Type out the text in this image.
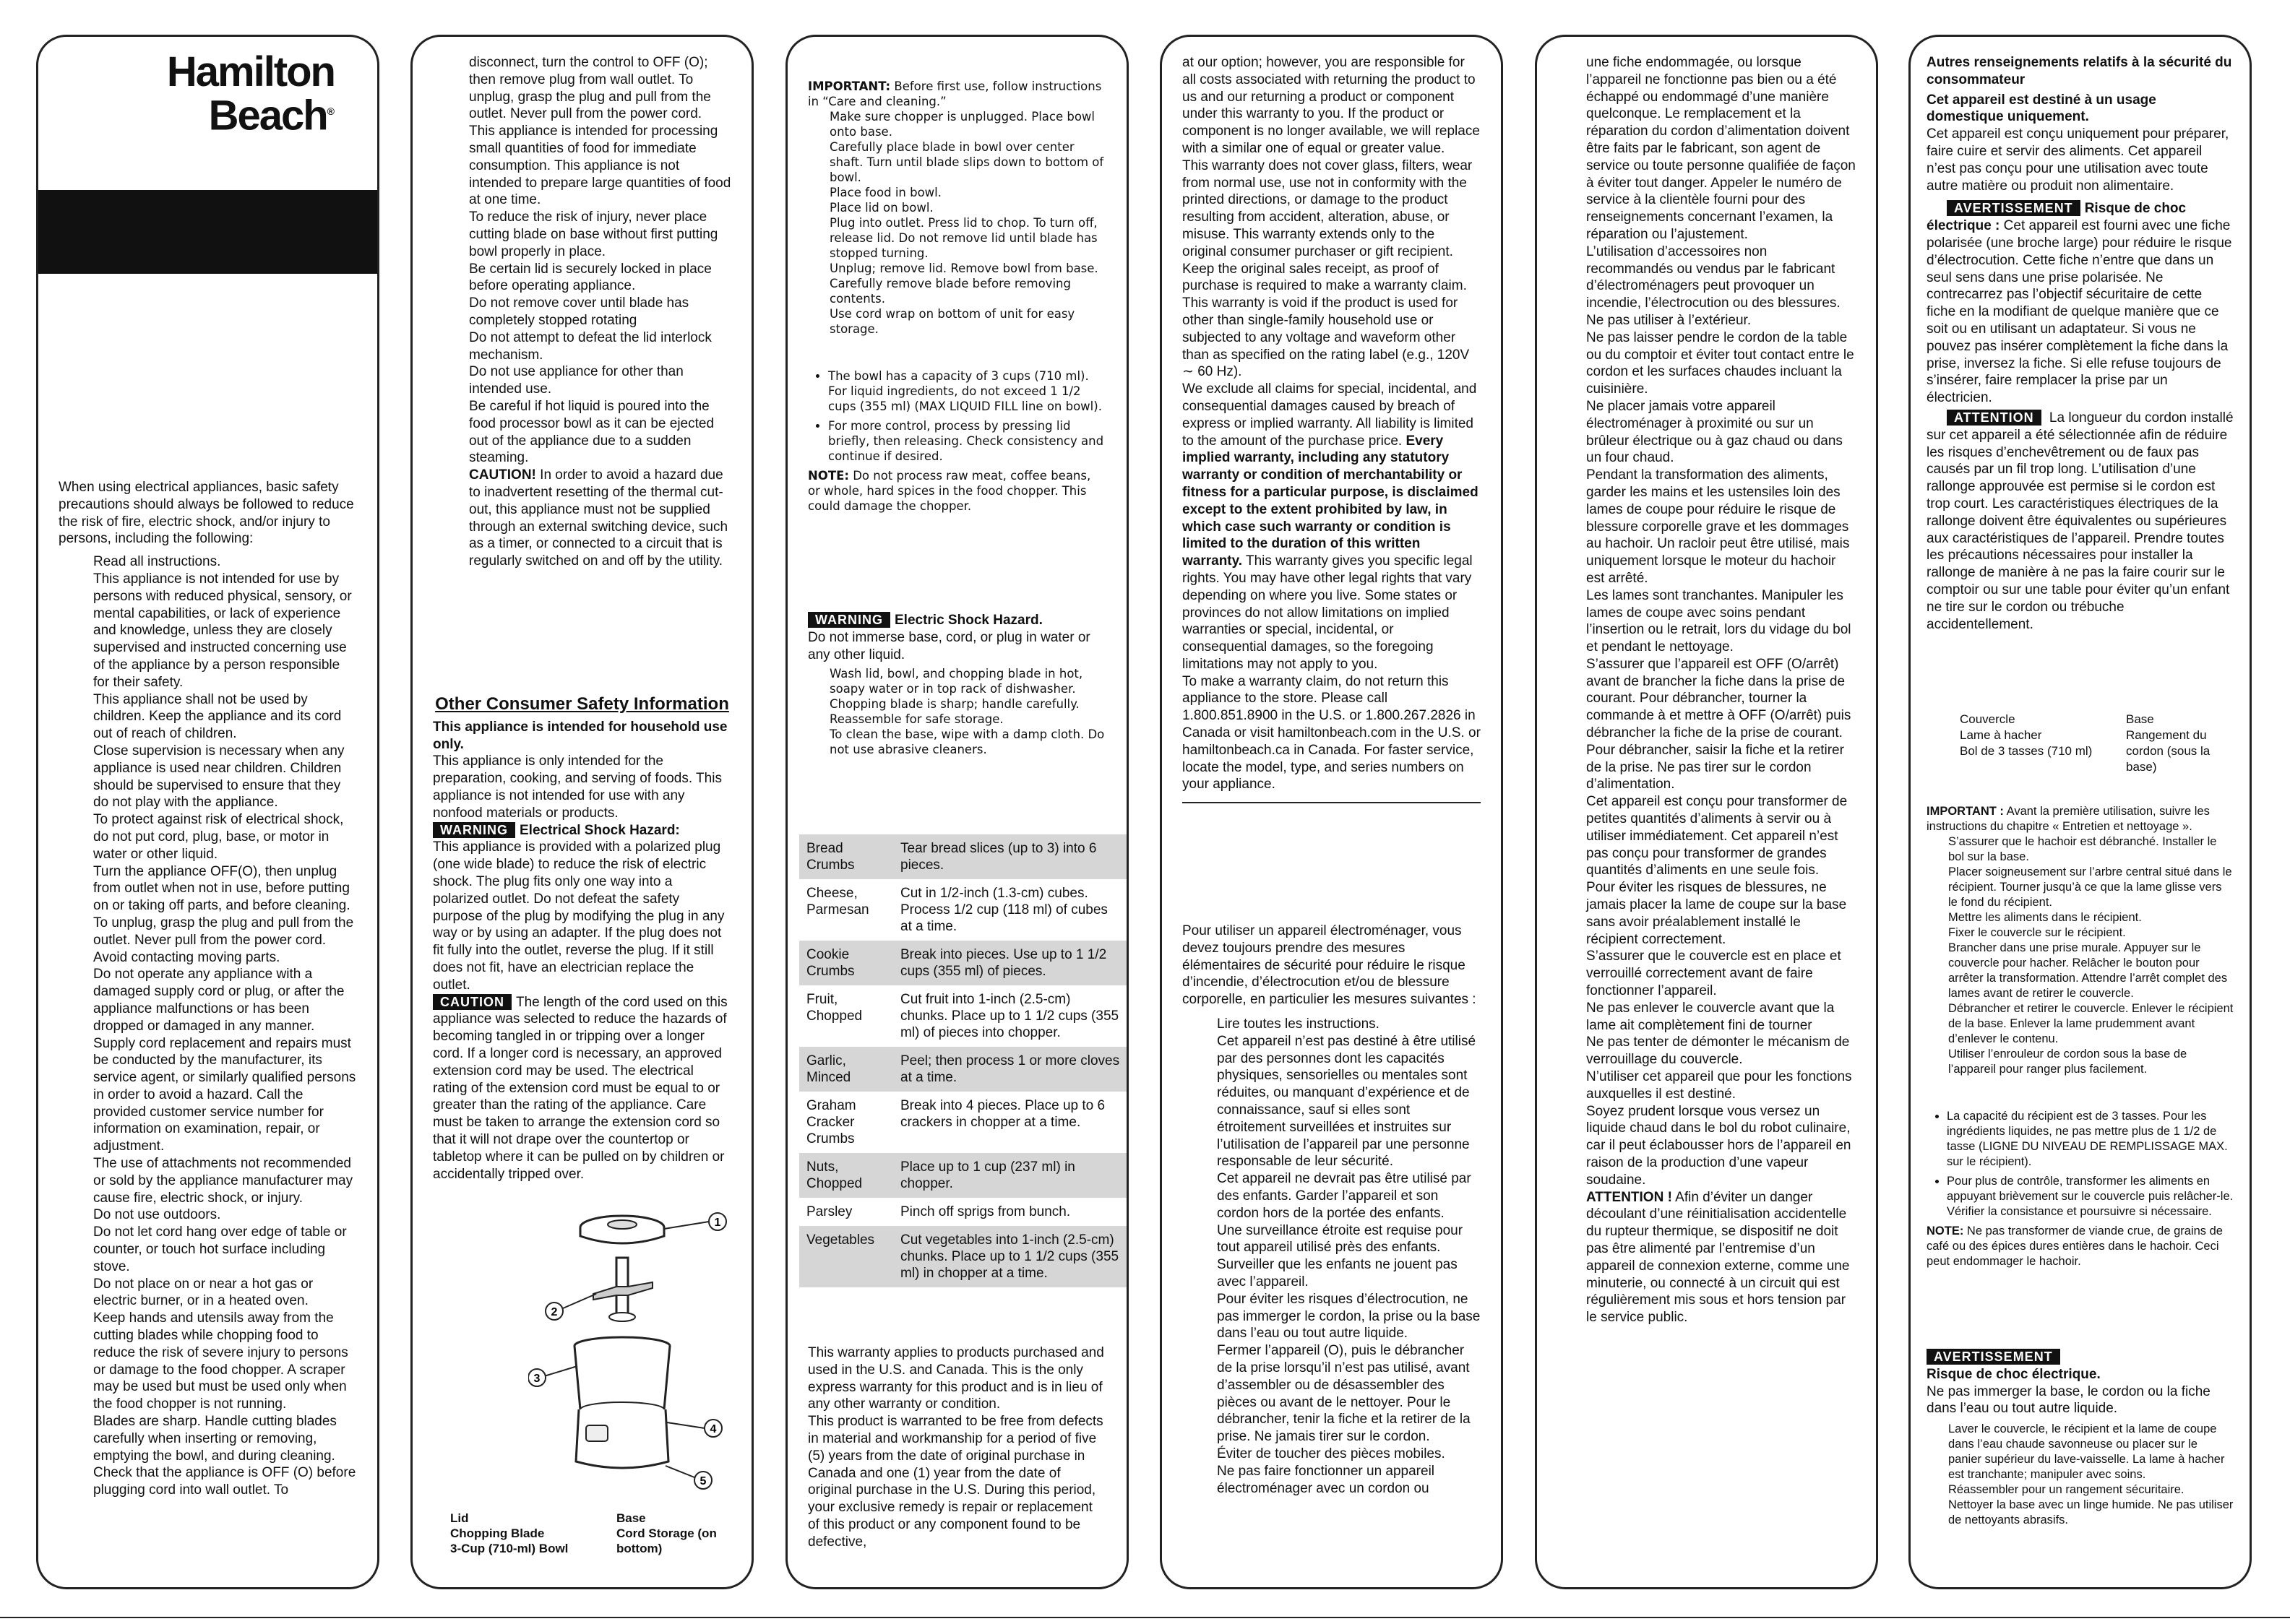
Hamilton
Beach®

When using electrical appliances, basic safety precautions should always be followed to reduce the risk of fire, electric shock, and/or injury to persons, including the following:

Read all instructions.

This appliance is not intended for use by persons with reduced physical, sensory, or mental capabilities, or lack of experience and knowledge, unless they are closely supervised and instructed concerning use of the appliance by a person responsible for their safety.

This appliance shall not be used by children. Keep the appliance and its cord out of reach of children.

Close supervision is necessary when any appliance is used near children. Children should be supervised to ensure that they do not play with the appliance.

To protect against risk of electrical shock, do not put cord, plug, base, or motor in water or other liquid.

Turn the appliance OFF(O), then unplug from outlet when not in use, before putting on or taking off parts, and before cleaning. To unplug, grasp the plug and pull from the outlet. Never pull from the power cord.

Avoid contacting moving parts.

Do not operate any appliance with a damaged supply cord or plug, or after the appliance malfunctions or has been dropped or damaged in any manner. Supply cord replacement and repairs must be conducted by the manufacturer, its service agent, or similarly qualified persons in order to avoid a hazard. Call the provided customer service number for information on examination, repair, or adjustment.

The use of attachments not recommended or sold by the appliance manufacturer may cause fire, electric shock, or injury.

Do not use outdoors.

Do not let cord hang over edge of table or counter, or touch hot surface including stove.

Do not place on or near a hot gas or electric burner, or in a heated oven.

Keep hands and utensils away from the cutting blades while chopping food to reduce the risk of severe injury to persons or damage to the food chopper. A scraper may be used but must be used only when the food chopper is not running.

Blades are sharp. Handle cutting blades carefully when inserting or removing, emptying the bowl, and during cleaning.

Check that the appliance is OFF (O) before plugging cord into wall outlet. To

disconnect, turn the control to OFF (O); then remove plug from wall outlet. To unplug, grasp the plug and pull from the outlet. Never pull from the power cord.

This appliance is intended for processing small quantities of food for immediate consumption. This appliance is not intended to prepare large quantities of food at one time.

To reduce the risk of injury, never place cutting blade on base without first putting bowl properly in place.

Be certain lid is securely locked in place before operating appliance.

Do not remove cover until blade has completely stopped rotating

Do not attempt to defeat the lid interlock mechanism.

Do not use appliance for other than intended use.

Be careful if hot liquid is poured into the food processor bowl as it can be ejected out of the appliance due to a sudden steaming.

CAUTION! In order to avoid a hazard due to inadvertent resetting of the thermal cut-out, this appliance must not be supplied through an external switching device, such as a timer, or connected to a circuit that is regularly switched on and off by the utility.

Other Consumer Safety Information

This appliance is intended for household use only.

This appliance is only intended for the preparation, cooking, and serving of foods. This appliance is not intended for use with any nonfood materials or products.

WARNING Electrical Shock Hazard:

This appliance is provided with a polarized plug (one wide blade) to reduce the risk of electric shock. The plug fits only one way into a polarized outlet. Do not defeat the safety purpose of the plug by modifying the plug in any way or by using an adapter. If the plug does not fit fully into the outlet, reverse the plug. If it still does not fit, have an electrician replace the outlet.

CAUTION The length of the cord used on this appliance was selected to reduce the hazards of becoming tangled in or tripping over a longer cord. If a longer cord is necessary, an approved extension cord may be used. The electrical rating of the extension cord must be equal to or greater than the rating of the appliance. Care must be taken to arrange the extension cord so that it will not drape over the countertop or tabletop where it can be pulled on by children or accidentally tripped over.

1
2
3
4
5
Lid
Chopping Blade
3-Cup (710-ml) Bowl
Base
Cord Storage (on bottom)

IMPORTANT: Before first use, follow instructions in “Care and cleaning.”

Make sure chopper is unplugged. Place bowl onto base.

Carefully place blade in bowl over center shaft. Turn until blade slips down to bottom of bowl.

Place food in bowl.

Place lid on bowl.

Plug into outlet. Press lid to chop. To turn off, release lid. Do not remove lid until blade has stopped turning.

Unplug; remove lid. Remove bowl from base. Carefully remove blade before removing contents.

Use cord wrap on bottom of unit for easy storage.

• The bowl has a capacity of 3 cups (710 ml). For liquid ingredients, do not exceed 1 1/2 cups (355 ml) (MAX LIQUID FILL line on bowl).
• For more control, process by pressing lid briefly, then releasing. Check consistency and continue if desired.

NOTE: Do not process raw meat, coffee beans, or whole, hard spices in the food chopper. This could damage the chopper.

WARNING Electric Shock Hazard.

Do not immerse base, cord, or plug in water or any other liquid.

Wash lid, bowl, and chopping blade in hot, soapy water or in top rack of dishwasher. Chopping blade is sharp; handle carefully.

Reassemble for safe storage.

To clean the base, wipe with a damp cloth. Do not use abrasive cleaners.

Bread Crumbs	Tear bread slices (up to 3) into 6 pieces.
Cheese, Parmesan	Cut in 1/2-inch (1.3-cm) cubes. Process 1/2 cup (118 ml) of cubes at a time.
Cookie Crumbs	Break into pieces. Use up to 1 1/2 cups (355 ml) of pieces.
Fruit, Chopped	Cut fruit into 1-inch (2.5-cm) chunks. Place up to 1 1/2 cups (355 ml) of pieces into chopper.
Garlic, Minced	Peel; then process 1 or more cloves at a time.
Graham Cracker Crumbs	Break into 4 pieces. Place up to 6 crackers in chopper at a time.
Nuts, Chopped	Place up to 1 cup (237 ml) in chopper.
Parsley	Pinch off sprigs from bunch.
Vegetables	Cut vegetables into 1-inch (2.5-cm) chunks. Place up to 1 1/2 cups (355 ml) in chopper at a time.

This warranty applies to products purchased and used in the U.S. and Canada. This is the only express warranty for this product and is in lieu of any other warranty or condition.

This product is warranted to be free from defects in material and workmanship for a period of five (5) years from the date of original purchase in Canada and one (1) year from the date of original purchase in the U.S. During this period, your exclusive remedy is repair or replacement of this product or any component found to be defective,

at our option; however, you are responsible for all costs associated with returning the product to us and our returning a product or component under this warranty to you. If the product or component is no longer available, we will replace with a similar one of equal or greater value.

This warranty does not cover glass, filters, wear from normal use, use not in conformity with the printed directions, or damage to the product resulting from accident, alteration, abuse, or misuse. This warranty extends only to the original consumer purchaser or gift recipient. Keep the original sales receipt, as proof of purchase is required to make a warranty claim. This warranty is void if the product is used for other than single-family household use or subjected to any voltage and waveform other than as specified on the rating label (e.g., 120V ∼ 60 Hz).

We exclude all claims for special, incidental, and consequential damages caused by breach of express or implied warranty. All liability is limited to the amount of the purchase price. Every implied warranty, including any statutory warranty or condition of merchantability or fitness for a particular purpose, is disclaimed except to the extent prohibited by law, in which case such warranty or condition is limited to the duration of this written warranty. This warranty gives you specific legal rights. You may have other legal rights that vary depending on where you live. Some states or provinces do not allow limitations on implied warranties or special, incidental, or consequential damages, so the foregoing limitations may not apply to you.

To make a warranty claim, do not return this appliance to the store. Please call 1.800.851.8900 in the U.S. or 1.800.267.2826 in Canada or visit hamiltonbeach.com in the U.S. or hamiltonbeach.ca in Canada. For faster service, locate the model, type, and series numbers on your appliance.

Pour utiliser un appareil électroménager, vous devez toujours prendre des mesures élémentaires de sécurité pour réduire le risque d’incendie, d’électrocution et/ou de blessure corporelle, en particulier les mesures suivantes :

Lire toutes les instructions.

Cet appareil n’est pas destiné à être utilisé par des personnes dont les capacités physiques, sensorielles ou mentales sont réduites, ou manquant d’expérience et de connaissance, sauf si elles sont étroitement surveillées et instruites sur l’utilisation de l’appareil par une personne responsable de leur sécurité.

Cet appareil ne devrait pas être utilisé par des enfants. Garder l’appareil et son cordon hors de la portée des enfants.

Une surveillance étroite est requise pour tout appareil utilisé près des enfants. Surveiller que les enfants ne jouent pas avec l’appareil.

Pour éviter les risques d’électrocution, ne pas immerger le cordon, la prise ou la base dans l’eau ou tout autre liquide.

Fermer l’appareil (O), puis le débrancher de la prise lorsqu’il n’est pas utilisé, avant d’assembler ou de désassembler des pièces ou avant de le nettoyer. Pour le débrancher, tenir la fiche et la retirer de la prise. Ne jamais tirer sur le cordon.

Éviter de toucher des pièces mobiles.

Ne pas faire fonctionner un appareil électroménager avec un cordon ou

une fiche endommagée, ou lorsque l’appareil ne fonctionne pas bien ou a été échappé ou endommagé d’une manière quelconque. Le remplacement et la réparation du cordon d’alimentation doivent être faits par le fabricant, son agent de service ou toute personne qualifiée de façon à éviter tout danger. Appeler le numéro de service à la clientèle fourni pour des renseignements concernant l’examen, la réparation ou l’ajustement.

L’utilisation d’accessoires non recommandés ou vendus par le fabricant d’électroménagers peut provoquer un incendie, l’électrocution ou des blessures.

Ne pas utiliser à l’extérieur.

Ne pas laisser pendre le cordon de la table ou du comptoir et éviter tout contact entre le cordon et les surfaces chaudes incluant la cuisinière.

Ne placer jamais votre appareil électroménager à proximité ou sur un brûleur électrique ou à gaz chaud ou dans un four chaud.

Pendant la transformation des aliments, garder les mains et les ustensiles loin des lames de coupe pour réduire le risque de blessure corporelle grave et les dommages au hachoir. Un racloir peut être utilisé, mais uniquement lorsque le moteur du hachoir est arrêté.

Les lames sont tranchantes. Manipuler les lames de coupe avec soins pendant l’insertion ou le retrait, lors du vidage du bol et pendant le nettoyage.

S’assurer que l’appareil est OFF (O/arrêt) avant de brancher la fiche dans la prise de courant. Pour débrancher, tourner la commande à et mettre à OFF (O/arrêt) puis débrancher la fiche de la prise de courant. Pour débrancher, saisir la fiche et la retirer de la prise. Ne pas tirer sur le cordon d’alimentation.

Cet appareil est conçu pour transformer de petites quantités d’aliments à servir ou à utiliser immédiatement. Cet appareil n’est pas conçu pour transformer de grandes quantités d’aliments en une seule fois.

Pour éviter les risques de blessures, ne jamais placer la lame de coupe sur la base sans avoir préalablement installé le récipient correctement.

S’assurer que le couvercle est en place et verrouillé correctement avant de faire fonctionner l’appareil.

Ne pas enlever le couvercle avant que la lame ait complètement fini de tourner

Ne pas tenter de démonter le mécanism de verrouillage du couvercle.

N’utiliser cet appareil que pour les fonctions auxquelles il est destiné.

Soyez prudent lorsque vous versez un liquide chaud dans le bol du robot culinaire, car il peut éclabousser hors de l’appareil en raison de la production d’une vapeur soudaine.

ATTENTION ! Afin d’éviter un danger découlant d’une réinitialisation accidentelle du rupteur thermique, se dispositif ne doit pas être alimenté par l’entremise d’un appareil de connexion externe, comme une minuterie, ou connecté à un circuit qui est régulièrement mis sous et hors tension par le service public.

Autres renseignements relatifs à la sécurité du consommateur

Cet appareil est destiné à un usage domestique uniquement.

Cet appareil est conçu uniquement pour préparer, faire cuire et servir des aliments. Cet appareil n’est pas conçu pour une utilisation avec toute autre matière ou produit non alimentaire.

AVERTISSEMENT Risque de choc électrique : Cet appareil est fourni avec une fiche polarisée (une broche large) pour réduire le risque d’électrocution. Cette fiche n’entre que dans un seul sens dans une prise polarisée. Ne contrecarrez pas l’objectif sécuritaire de cette fiche en la modifiant de quelque manière que ce soit ou en utilisant un adaptateur. Si vous ne pouvez pas insérer complètement la fiche dans la prise, inversez la fiche. Si elle refuse toujours de s’insérer, faire remplacer la prise par un électricien.

ATTENTION La longueur du cordon installé sur cet appareil a été sélectionnée afin de réduire les risques d’enchevêtrement ou de faux pas causés par un fil trop long. L’utilisation d’une rallonge approuvée est permise si le cordon est trop court. Les caractéristiques électriques de la rallonge doivent être équivalentes ou supérieures aux caractéristiques de l’appareil. Prendre toutes les précautions nécessaires pour installer la rallonge de manière à ne pas la faire courir sur le comptoir ou sur une table pour éviter qu’un enfant ne tire sur le cordon ou trébuche accidentellement.

Couvercle
Lame à hacher
Bol de 3 tasses (710 ml)
Base
Rangement du cordon (sous la base)

IMPORTANT : Avant la première utilisation, suivre les instructions du chapitre « Entretien et nettoyage ».

S’assurer que le hachoir est débranché. Installer le bol sur la base.

Placer soigneusement sur l’arbre central situé dans le récipient. Tourner jusqu’à ce que la lame glisse vers le fond du récipient.

Mettre les aliments dans le récipient.

Fixer le couvercle sur le récipient.

Brancher dans une prise murale. Appuyer sur le couvercle pour hacher. Relâcher le bouton pour arrêter la transformation. Attendre l’arrêt complet des lames avant de retirer le couvercle.

Débrancher et retirer le couvercle. Enlever le récipient de la base. Enlever la lame prudemment avant d’enlever le contenu.

Utiliser l’enrouleur de cordon sous la base de l’appareil pour ranger plus facilement.

• La capacité du récipient est de 3 tasses. Pour les ingrédients liquides, ne pas mettre plus de 1 1/2 de tasse (LIGNE DU NIVEAU DE REMPLISSAGE MAX. sur le récipient).
• Pour plus de contrôle, transformer les aliments en appuyant brièvement sur le couvercle puis relâcher-le. Vérifier la consistance et poursuivre si nécessaire.

NOTE: Ne pas transformer de viande crue, de grains de café ou des épices dures entières dans le hachoir. Ceci peut endommager le hachoir.

AVERTISSEMENT

Risque de choc électrique.

Ne pas immerger la base, le cordon ou la fiche dans l’eau ou tout autre liquide.

Laver le couvercle, le récipient et la lame de coupe dans l’eau chaude savonneuse ou placer sur le panier supérieur du lave-vaisselle. La lame à hacher est tranchante; manipuler avec soins.

Réassembler pour un rangement sécuritaire.

Nettoyer la base avec un linge humide. Ne pas utiliser de nettoyants abrasifs.
